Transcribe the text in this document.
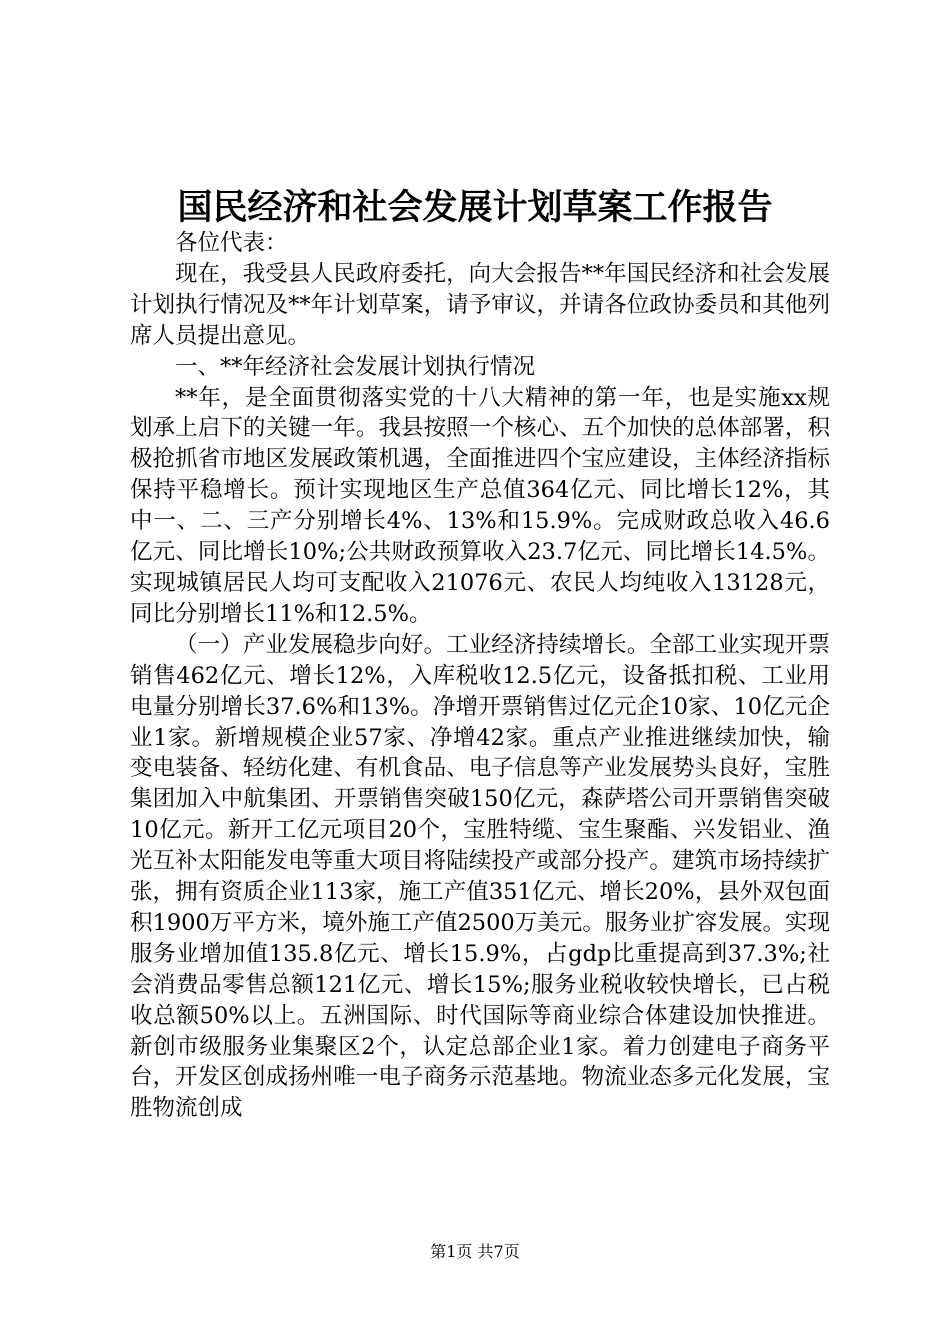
国民经济和社会发展计划草案工作报告

各位代表：

现在，我受县人民政府委托，向大会报告**年国民经济和社会发展计划执行情况及**年计划草案，请予审议，并请各位政协委员和其他列席人员提出意见。

一、**年经济社会发展计划执行情况

**年，是全面贯彻落实党的十八大精神的第一年，也是实施xx规划承上启下的关键一年。我县按照一个核心、五个加快的总体部署，积极抢抓省市地区发展政策机遇，全面推进四个宝应建设，主体经济指标保持平稳增长。预计实现地区生产总值364亿元、同比增长12%，其中一、二、三产分别增长4%、13%和15.9%。完成财政总收入46.6亿元、同比增长10%;公共财政预算收入23.7亿元、同比增长14.5%。实现城镇居民人均可支配收入21076元、农民人均纯收入13128元，同比分别增长11%和12.5%。

（一）产业发展稳步向好。工业经济持续增长。全部工业实现开票销售462亿元、增长12%，入库税收12.5亿元，设备抵扣税、工业用电量分别增长37.6%和13%。净增开票销售过亿元企10家、10亿元企业1家。新增规模企业57家、净增42家。重点产业推进继续加快，输变电装备、轻纺化建、有机食品、电子信息等产业发展势头良好，宝胜集团加入中航集团、开票销售突破150亿元，森萨塔公司开票销售突破10亿元。新开工亿元项目20个，宝胜特缆、宝生聚酯、兴发铝业、渔光互补太阳能发电等重大项目将陆续投产或部分投产。建筑市场持续扩张，拥有资质企业113家，施工产值351亿元、增长20%，县外双包面积1900万平方米，境外施工产值2500万美元。服务业扩容发展。实现服务业增加值135.8亿元、增长15.9%，占gdp比重提高到37.3%;社会消费品零售总额121亿元、增长15%;服务业税收较快增长，已占税收总额50%以上。五洲国际、时代国际等商业综合体建设加快推进。新创市级服务业集聚区2个，认定总部企业1家。着力创建电子商务平台，开发区创成扬州唯一电子商务示范基地。物流业态多元化发展，宝胜物流创成

第1页 共7页
